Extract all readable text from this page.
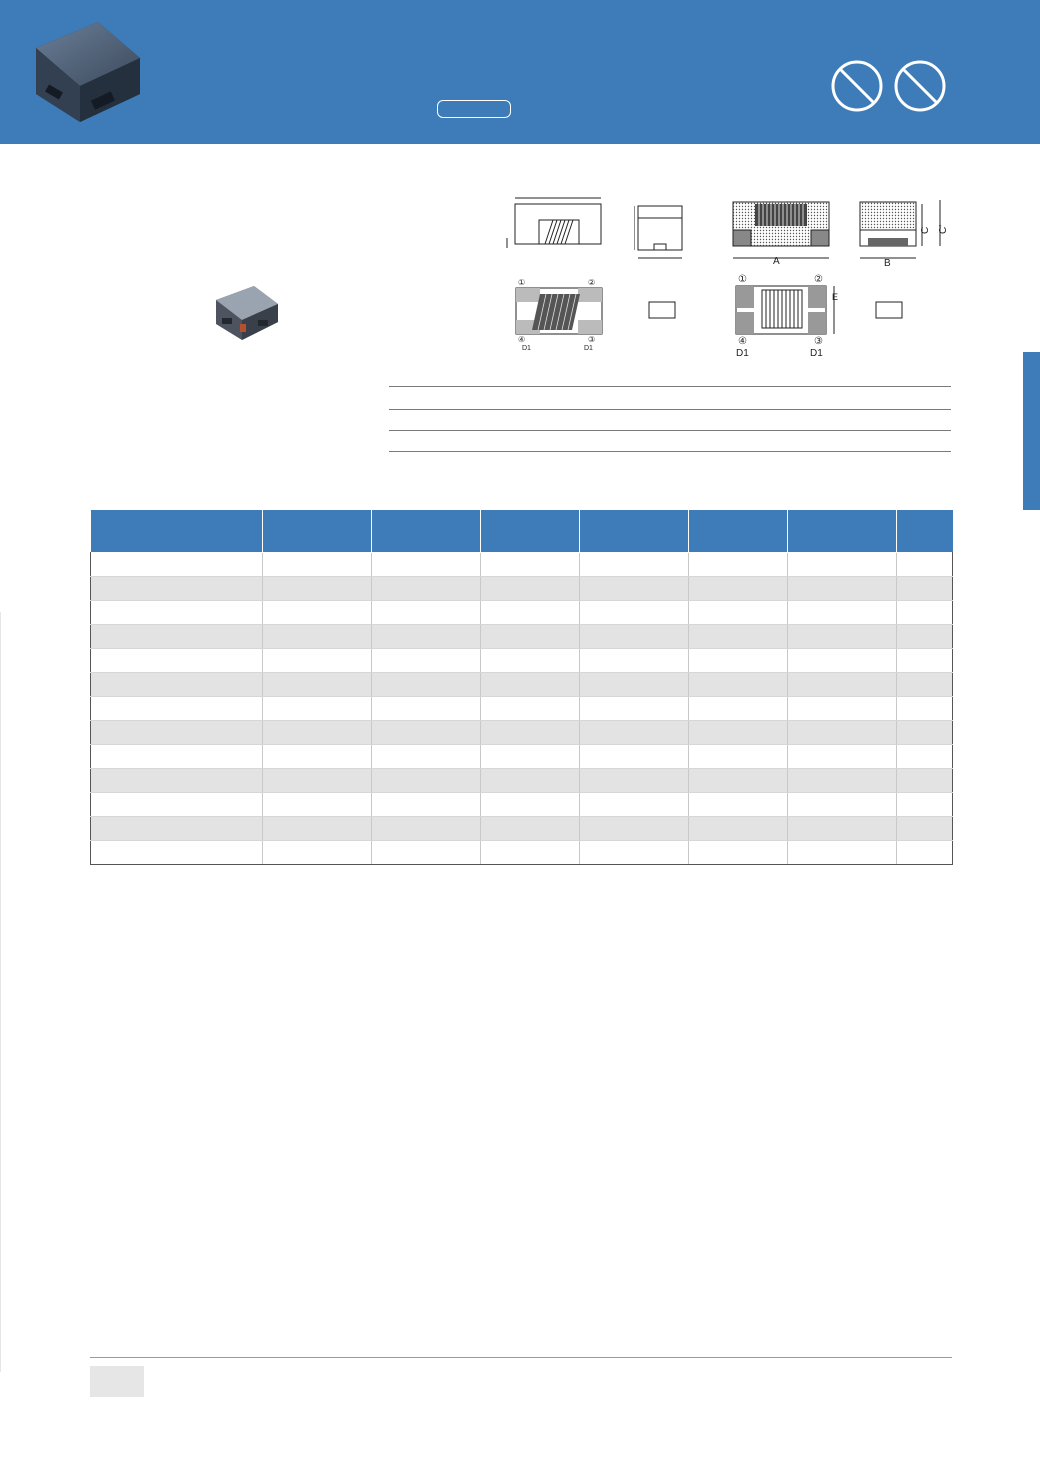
A
C C'
B
①	②
④	③
D1	D1
①	②
E
④	③
D1	D1
